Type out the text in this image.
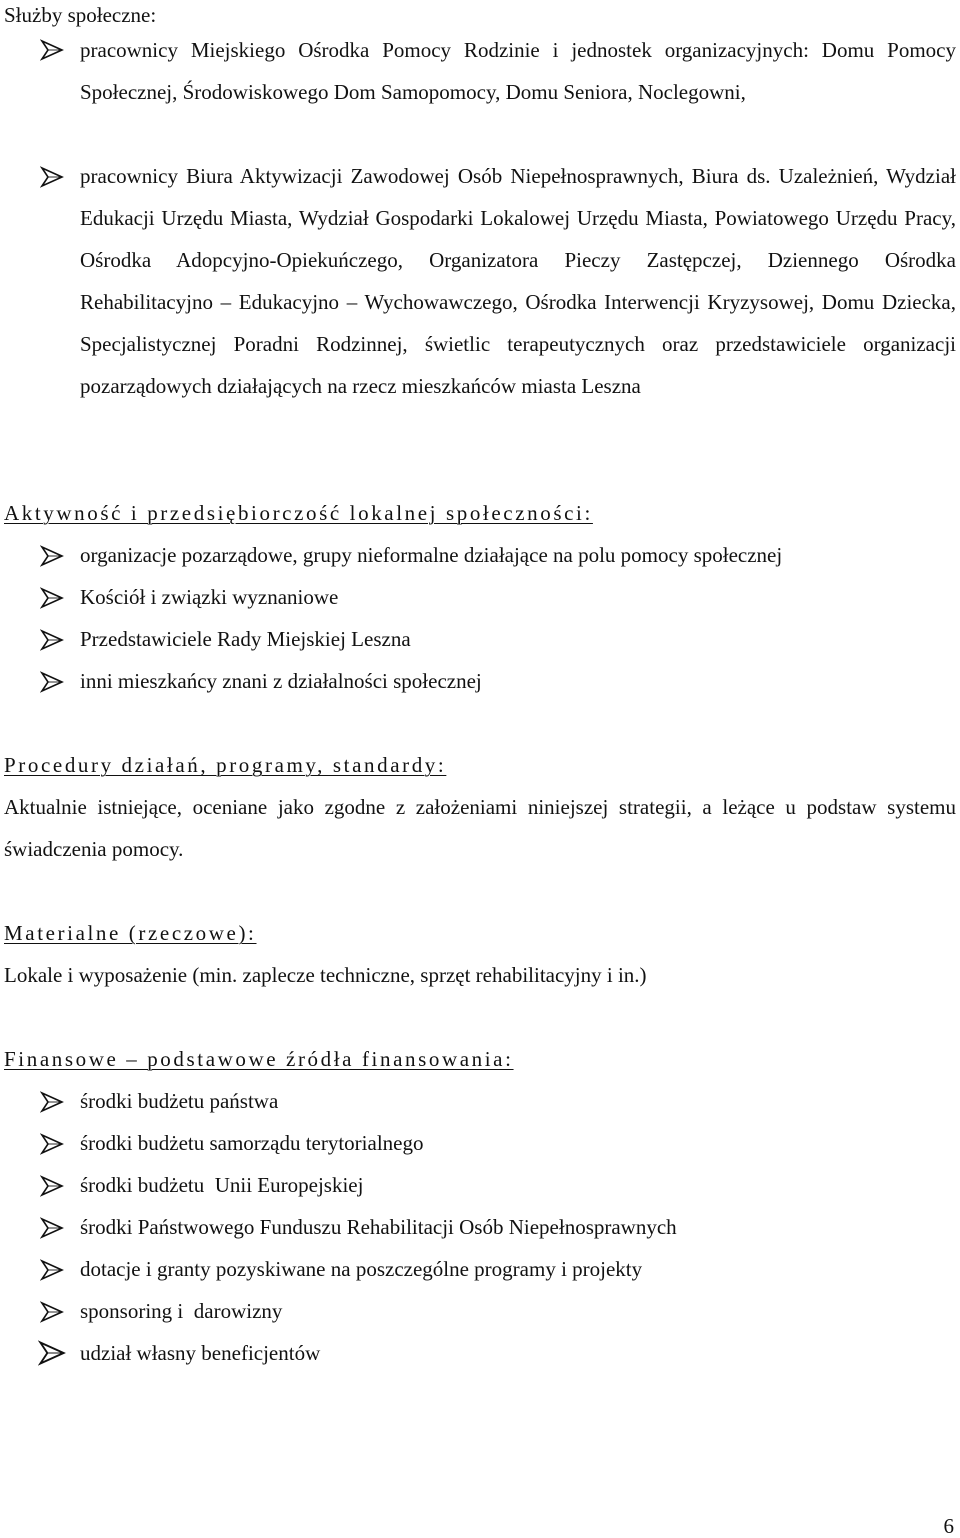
Służby społeczne:

pracownicy Miejskiego Ośrodka Pomocy Rodzinie i jednostek organizacyjnych: Domu Pomocy Społecznej, Środowiskowego Dom Samopomocy, Domu Seniora, Noclegowni,

pracownicy Biura Aktywizacji Zawodowej Osób Niepełnosprawnych, Biura ds. Uzależnień, Wydział Edukacji Urzędu Miasta, Wydział Gospodarki Lokalowej Urzędu Miasta, Powiatowego Urzędu Pracy, Ośrodka Adopcyjno-Opiekuńczego, Organizatora Pieczy Zastępczej, Dziennego Ośrodka Rehabilitacyjno – Edukacyjno – Wychowawczego, Ośrodka Interwencji Kryzysowej, Domu Dziecka, Specjalistycznej Poradni Rodzinnej, świetlic terapeutycznych oraz przedstawiciele organizacji pozarządowych działających na rzecz mieszkańców miasta Leszna

Aktywność i przedsiębiorczość lokalnej społeczności:

organizacje pozarządowe, grupy nieformalne działające na polu pomocy społecznej

Kościół i związki wyznaniowe

Przedstawiciele Rady Miejskiej Leszna

inni mieszkańcy znani z działalności społecznej

Procedury działań, programy, standardy:

Aktualnie istniejące, oceniane jako zgodne z założeniami niniejszej strategii, a leżące u podstaw systemu świadczenia pomocy.

Materialne (rzeczowe):

Lokale i wyposażenie (min. zaplecze techniczne, sprzęt rehabilitacyjny i in.)

Finansowe – podstawowe źródła finansowania:

środki budżetu państwa

środki budżetu samorządu terytorialnego

środki budżetu  Unii Europejskiej

środki Państwowego Funduszu Rehabilitacji Osób Niepełnosprawnych

dotacje i granty pozyskiwane na poszczególne programy i projekty

sponsoring i  darowizny

udział własny beneficjentów

6
